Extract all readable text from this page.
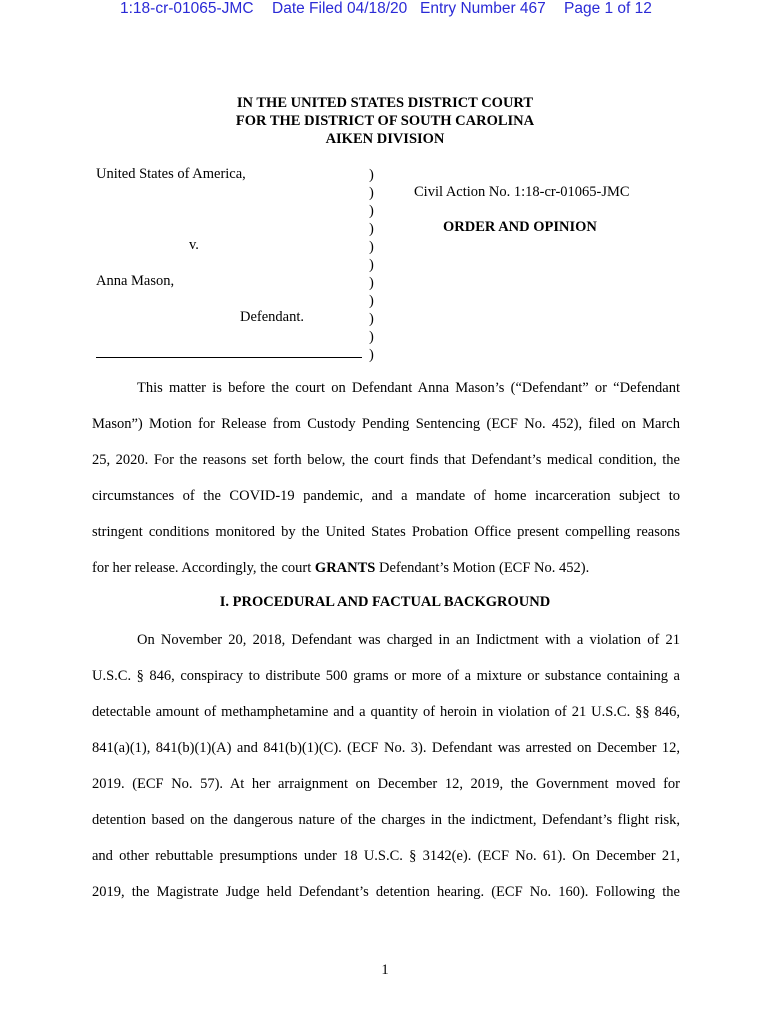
1:18-cr-01065-JMC Date Filed 04/18/20 Entry Number 467 Page 1 of 12
IN THE UNITED STATES DISTRICT COURT
FOR THE DISTRICT OF SOUTH CAROLINA
AIKEN DIVISION
United States of America,
v.
Anna Mason,
Defendant.
)
)
)
)
)
)
)
)
)
)
)
Civil Action No. 1:18-cr-01065-JMC
ORDER AND OPINION
This matter is before the court on Defendant Anna Mason’s (“Defendant” or “Defendant
Mason”) Motion for Release from Custody Pending Sentencing (ECF No. 452), filed on March
25, 2020. For the reasons set forth below, the court finds that Defendant’s medical condition, the
circumstances of the COVID-19 pandemic, and a mandate of home incarceration subject to
stringent conditions monitored by the United States Probation Office present compelling reasons
for her release. Accordingly, the court GRANTS Defendant’s Motion (ECF No. 452).
I. PROCEDURAL AND FACTUAL BACKGROUND
On November 20, 2018, Defendant was charged in an Indictment with a violation of 21
U.S.C. § 846, conspiracy to distribute 500 grams or more of a mixture or substance containing a
detectable amount of methamphetamine and a quantity of heroin in violation of 21 U.S.C. §§ 846,
841(a)(1), 841(b)(1)(A) and 841(b)(1)(C). (ECF No. 3). Defendant was arrested on December 12,
2019. (ECF No. 57). At her arraignment on December 12, 2019, the Government moved for
detention based on the dangerous nature of the charges in the indictment, Defendant’s flight risk,
and other rebuttable presumptions under 18 U.S.C. § 3142(e). (ECF No. 61). On December 21,
2019, the Magistrate Judge held Defendant’s detention hearing. (ECF No. 160). Following the
1
